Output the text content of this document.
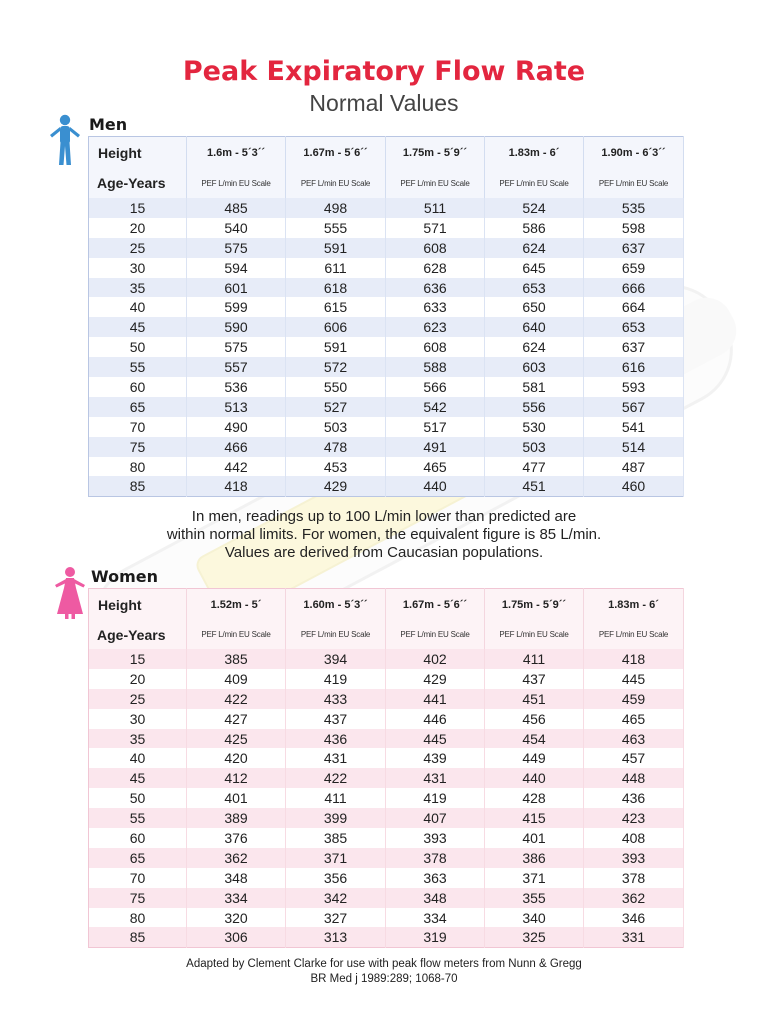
Peak Expiratory Flow Rate
Normal Values
Men
Height	1.6m - 5´3´´	1.67m - 5´6´´	1.75m - 5´9´´	1.83m - 6´	1.90m - 6´3´´
Age-Years	PEF L/min EU Scale	PEF L/min EU Scale	PEF L/min EU Scale	PEF L/min EU Scale	PEF L/min EU Scale
15	485	498	511	524	535
20	540	555	571	586	598
25	575	591	608	624	637
30	594	611	628	645	659
35	601	618	636	653	666
40	599	615	633	650	664
45	590	606	623	640	653
50	575	591	608	624	637
55	557	572	588	603	616
60	536	550	566	581	593
65	513	527	542	556	567
70	490	503	517	530	541
75	466	478	491	503	514
80	442	453	465	477	487
85	418	429	440	451	460
In men, readings up to 100 L/min lower than predicted are
within normal limits. For women, the equivalent figure is 85 L/min.
Values are derived from Caucasian populations.
Women
Height	1.52m - 5´	1.60m - 5´3´´	1.67m - 5´6´´	1.75m - 5´9´´	1.83m - 6´
Age-Years	PEF L/min EU Scale	PEF L/min EU Scale	PEF L/min EU Scale	PEF L/min EU Scale	PEF L/min EU Scale
15	385	394	402	411	418
20	409	419	429	437	445
25	422	433	441	451	459
30	427	437	446	456	465
35	425	436	445	454	463
40	420	431	439	449	457
45	412	422	431	440	448
50	401	411	419	428	436
55	389	399	407	415	423
60	376	385	393	401	408
65	362	371	378	386	393
70	348	356	363	371	378
75	334	342	348	355	362
80	320	327	334	340	346
85	306	313	319	325	331
Adapted by Clement Clarke for use with peak flow meters from Nunn & Gregg
BR Med j 1989:289; 1068-70
